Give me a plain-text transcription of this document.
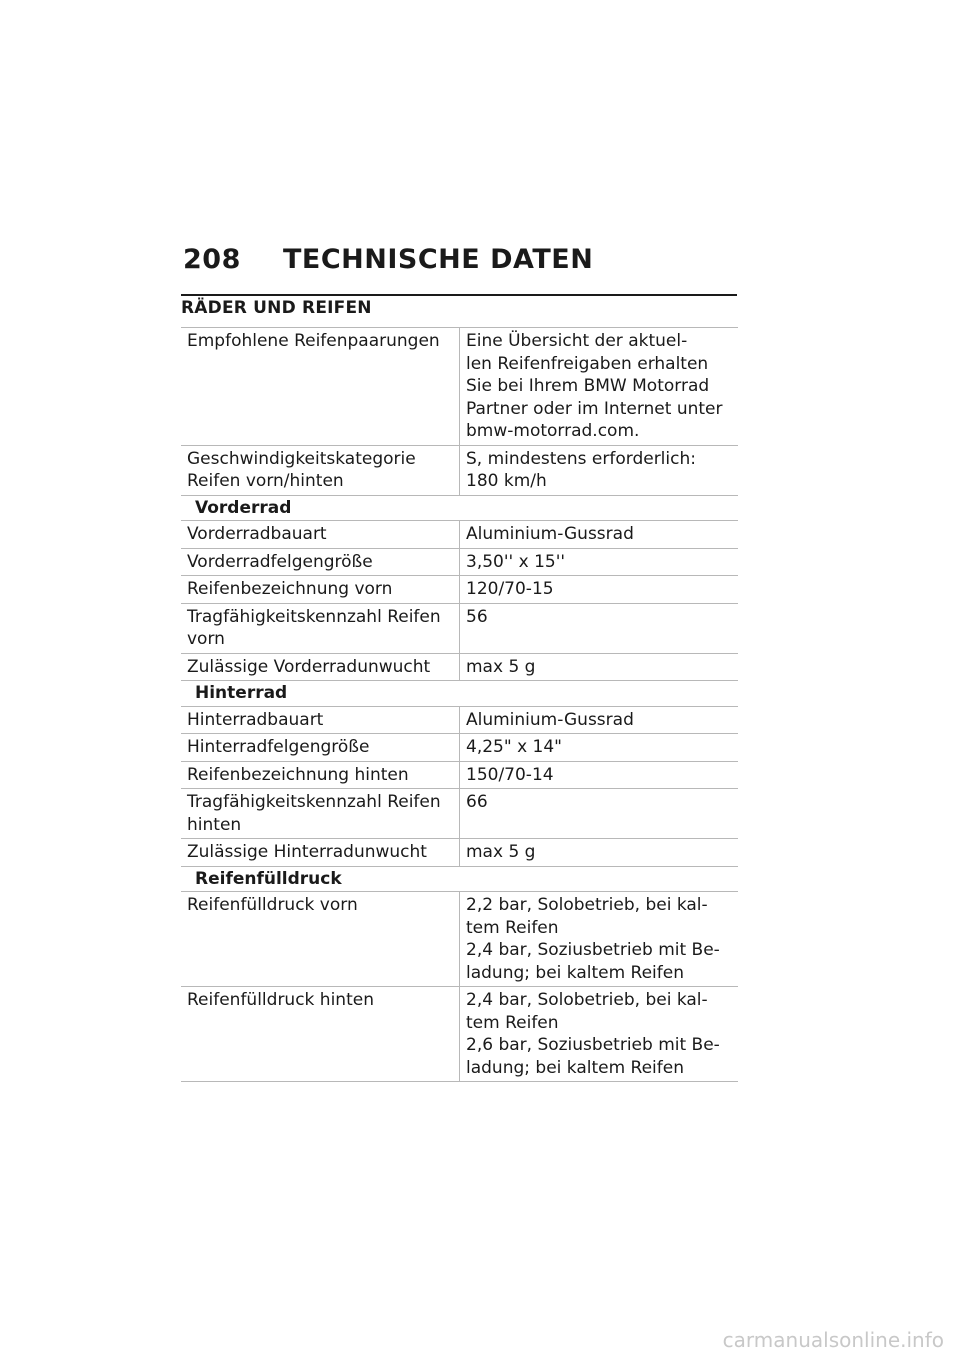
208 TECHNISCHE DATEN
RÄDER UND REIFEN
Empfohlene Reifenpaarungen	Eine Übersicht der aktuel-
len Reifenfreigaben erhalten
Sie bei Ihrem BMW Motorrad
Partner oder im Internet unter
bmw-motorrad.com.

Geschwindigkeitskategorie
Reifen vorn/hinten	S, mindestens erforderlich:
180 km/h

Vorderrad	
Vorderradbauart	Aluminium-Gussrad
Vorderradfelgengröße	3,50'' x 15''
Reifenbezeichnung vorn	120/70-15

Tragfähigkeitskennzahl Reifen
vorn	56
Zulässige Vorderradunwucht	max 5 g
Hinterrad	
Hinterradbauart	Aluminium-Gussrad
Hinterradfelgengröße	4,25" x 14"
Reifenbezeichnung hinten	150/70-14

Tragfähigkeitskennzahl Reifen
hinten	66
Zulässige Hinterradunwucht	max 5 g
Reifenfülldruck	
Reifenfülldruck vorn	2,2 bar, Solobetrieb, bei kal-
tem Reifen
2,4 bar, Soziusbetrieb mit Be-
ladung; bei kaltem Reifen

Reifenfülldruck hinten	2,4 bar, Solobetrieb, bei kal-
tem Reifen
2,6 bar, Soziusbetrieb mit Be-
ladung; bei kaltem Reifen
carmanualsonline.info
